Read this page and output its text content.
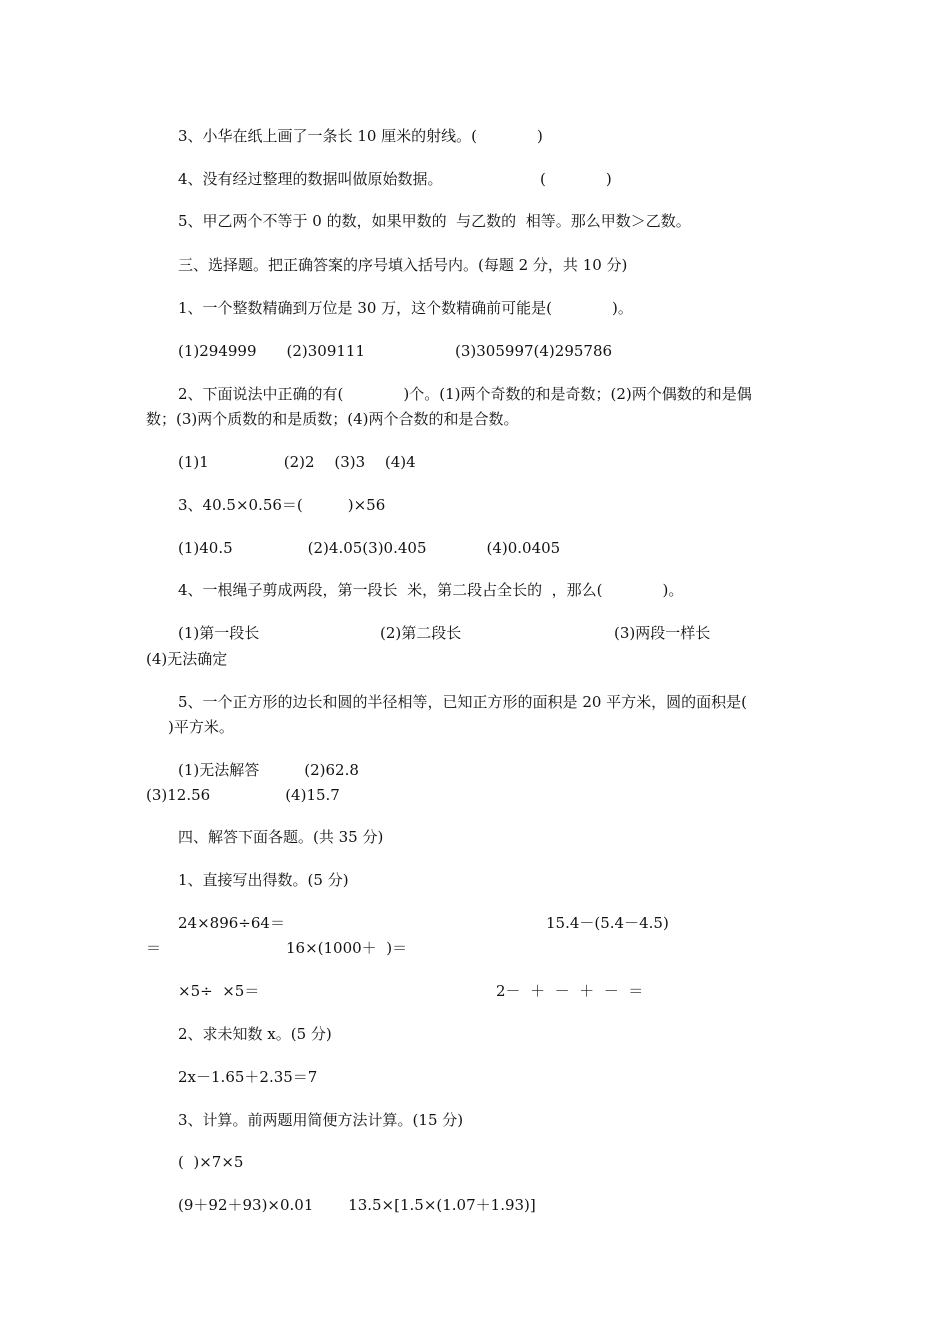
3、小华在纸上画了一条长 10 厘米的射线。(　　　　)
4、没有经过整理的数据叫做原始数据。　　　　　　　(　　　　)
5、甲乙两个不等于 0 的数，如果甲数的  与乙数的  相等。那么甲数＞乙数。
三、选择题。把正确答案的序号填入括号内。(每题 2 分，共 10 分)
1、一个整数精确到万位是 30 万，这个数精确前可能是(　　　　)。
(1)294999　　(2)309111　　　　　　(3)305997(4)295786
2、下面说法中正确的有(　　　　)个。(1)两个奇数的和是奇数；(2)两个偶数的和是偶
数；(3)两个质数的和是质数；(4)两个合数的和是合数。
(1)1　　　　　(2)2　 (3)3　 (4)4
3、40.5×0.56＝(　　　)×56
(1)40.5　　　　　(2)4.05(3)0.405　　　　(4)0.0405
4、一根绳子剪成两段，第一段长  米，第二段占全长的  ，那么(　　　　)。
(1)第一段长	(2)第二段长	(3)两段一样长
(4)无法确定
5、一个正方形的边长和圆的半径相等，已知正方形的面积是 20 平方米，圆的面积是(
)平方米。
(1)无法解答　　　(2)62.8
(3)12.56　　　　　(4)15.7
四、解答下面各题。(共 35 分)
1、直接写出得数。(5 分)
24×896÷64＝	15.4－(5.4－4.5)
＝	16×(1000＋  )＝
×5÷  ×5＝	2－  ＋  －  ＋  －  ＝
2、求未知数 x。(5 分)
2x－1.65＋2.35＝7
3、计算。前两题用简便方法计算。(15 分)
(  )×7×5
(9＋92＋93)×0.01　　 13.5×[1.5×(1.07＋1.93)]
